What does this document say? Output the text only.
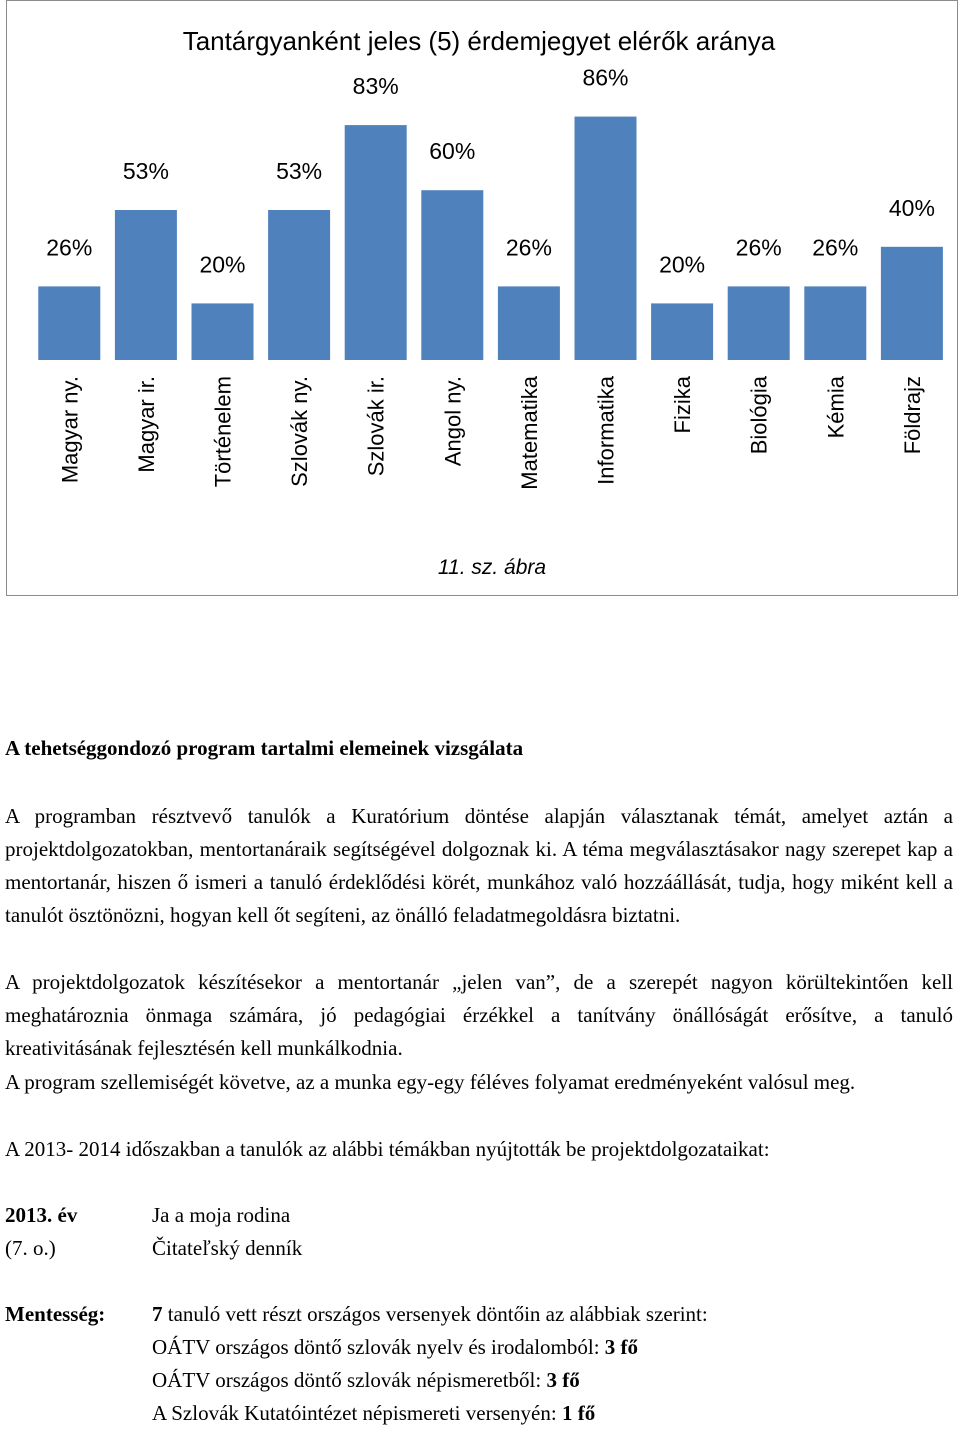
Tantárgyanként jeles (5) érdemjegyet elérők aránya
11. sz. ábra
26%
Magyar ny.
53%
Magyar ir.
20%
Történelem
53%
Szlovák ny.
83%
Szlovák ir.
60%
Angol ny.
26%
Matematika
86%
Informatika
20%
Fizika
26%
Biológia
26%
Kémia
40%
Földrajz
A tehetséggondozó program tartalmi elemeinek vizsgálata

A programban résztvevő tanulók a Kuratórium döntése alapján választanak témát, amelyet aztán a projektdolgozatokban, mentortanáraik segítségével dolgoznak ki. A téma megválasztásakor nagy szerepet kap a mentortanár, hiszen ő ismeri a tanuló érdeklődési körét, munkához való hozzáállását, tudja, hogy miként kell a tanulót ösztönözni, hogyan kell őt segíteni, az önálló feladatmegoldásra biztatni.

A projektdolgozatok készítésekor a mentortanár „jelen van”, de a szerepét nagyon körültekintően kell meghatároznia önmaga számára, jó pedagógiai érzékkel a tanítvány önállóságát erősítve, a tanuló kreativitásának fejlesztésén kell munkálkodnia.

A program szellemiségét követve, az a munka egy-egy féléves folyamat eredményeként valósul meg.

A 2013- 2014 időszakban a tanulók az alábbi témákban nyújtották be projektdolgozataikat:

2013. év	Ja a moja rodina
(7. o.)	Čitateľský denník
Mentesség: 7 tanuló vett részt országos versenyek döntőin az alábbiak szerint:
OÁTV országos döntő szlovák nyelv és irodalomból: 3 fő
OÁTV országos döntő szlovák népismeretből: 3 fő
A Szlovák Kutatóintézet népismereti versenyén: 1 fő
